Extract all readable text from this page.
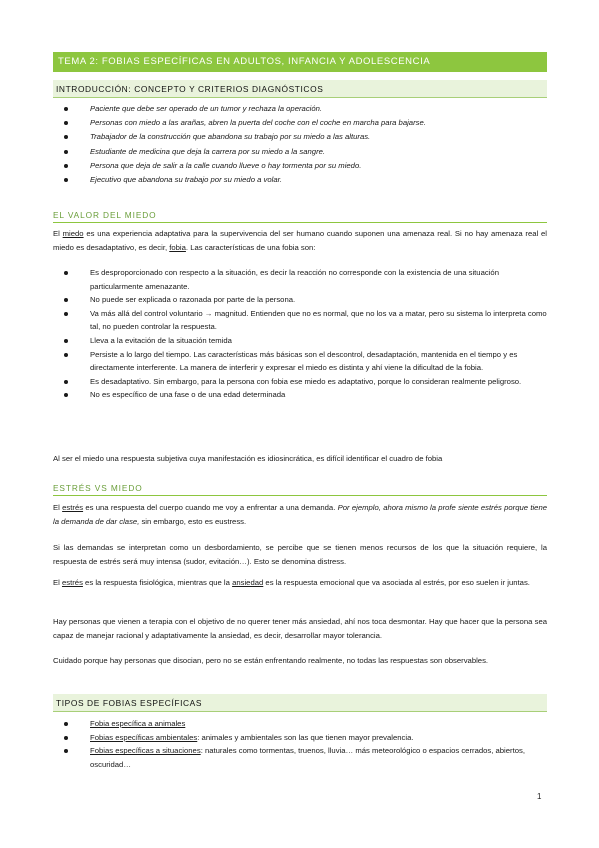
TEMA 2: FOBIAS ESPECÍFICAS EN ADULTOS, INFANCIA Y ADOLESCENCIA
INTRODUCCIÓN: CONCEPTO Y CRITERIOS DIAGNÓSTICOS
Paciente que debe ser operado de un tumor y rechaza la operación.
Personas con miedo a las arañas, abren la puerta del coche con el coche en marcha para bajarse.
Trabajador de la construcción que abandona su trabajo por su miedo a las alturas.
Estudiante de medicina que deja la carrera por su miedo a la sangre.
Persona que deja de salir a la calle cuando llueve o hay tormenta por su miedo.
Ejecutivo que abandona su trabajo por su miedo a volar.
EL VALOR DEL MIEDO

El miedo es una experiencia adaptativa para la supervivencia del ser humano cuando suponen una amenaza real. Si no hay amenaza real el miedo es desadaptativo, es decir, fobia. Las características de una fobia son:

Es desproporcionado con respecto a la situación, es decir la reacción no corresponde con la existencia de una situación particularmente amenazante.
No puede ser explicada o razonada por parte de la persona.
Va más allá del control voluntario → magnitud. Entienden que no es normal, que no los va a matar, pero su sistema lo interpreta como tal, no pueden controlar la respuesta.
Lleva a la evitación de la situación temida
Persiste a lo largo del tiempo. Las características más básicas son el descontrol, desadaptación, mantenida en el tiempo y es directamente interferente. La manera de interferir y expresar el miedo es distinta y ahí viene la dificultad de la fobia.
Es desadaptativo. Sin embargo, para la persona con fobia ese miedo es adaptativo, porque lo consideran realmente peligroso.
No es específico de una fase o de una edad determinada

Al ser el miedo una respuesta subjetiva cuya manifestación es idiosincrática, es difícil identificar el cuadro de fobia

ESTRÉS VS MIEDO

El estrés es una respuesta del cuerpo cuando me voy a enfrentar a una demanda. Por ejemplo, ahora mismo la profe siente estrés porque tiene la demanda de dar clase, sin embargo, esto es eustress.

Si las demandas se interpretan como un desbordamiento, se percibe que se tienen menos recursos de los que la situación requiere, la respuesta de estrés será muy intensa (sudor, evitación…). Esto se denomina distress.

El estrés es la respuesta fisiológica, mientras que la ansiedad es la respuesta emocional que va asociada al estrés, por eso suelen ir juntas.

Hay personas que vienen a terapia con el objetivo de no querer tener más ansiedad, ahí nos toca desmontar. Hay que hacer que la persona sea capaz de manejar racional y adaptativamente la ansiedad, es decir, desarrollar mayor tolerancia.

Cuidado porque hay personas que disocian, pero no se están enfrentando realmente, no todas las respuestas son observables.

TIPOS DE FOBIAS ESPECÍFICAS
Fobia específica a animales
Fobias específicas ambientales: animales y ambientales son las que tienen mayor prevalencia.
Fobias específicas a situaciones: naturales como tormentas, truenos, lluvia… más meteorológico o espacios cerrados, abiertos, oscuridad…
1
